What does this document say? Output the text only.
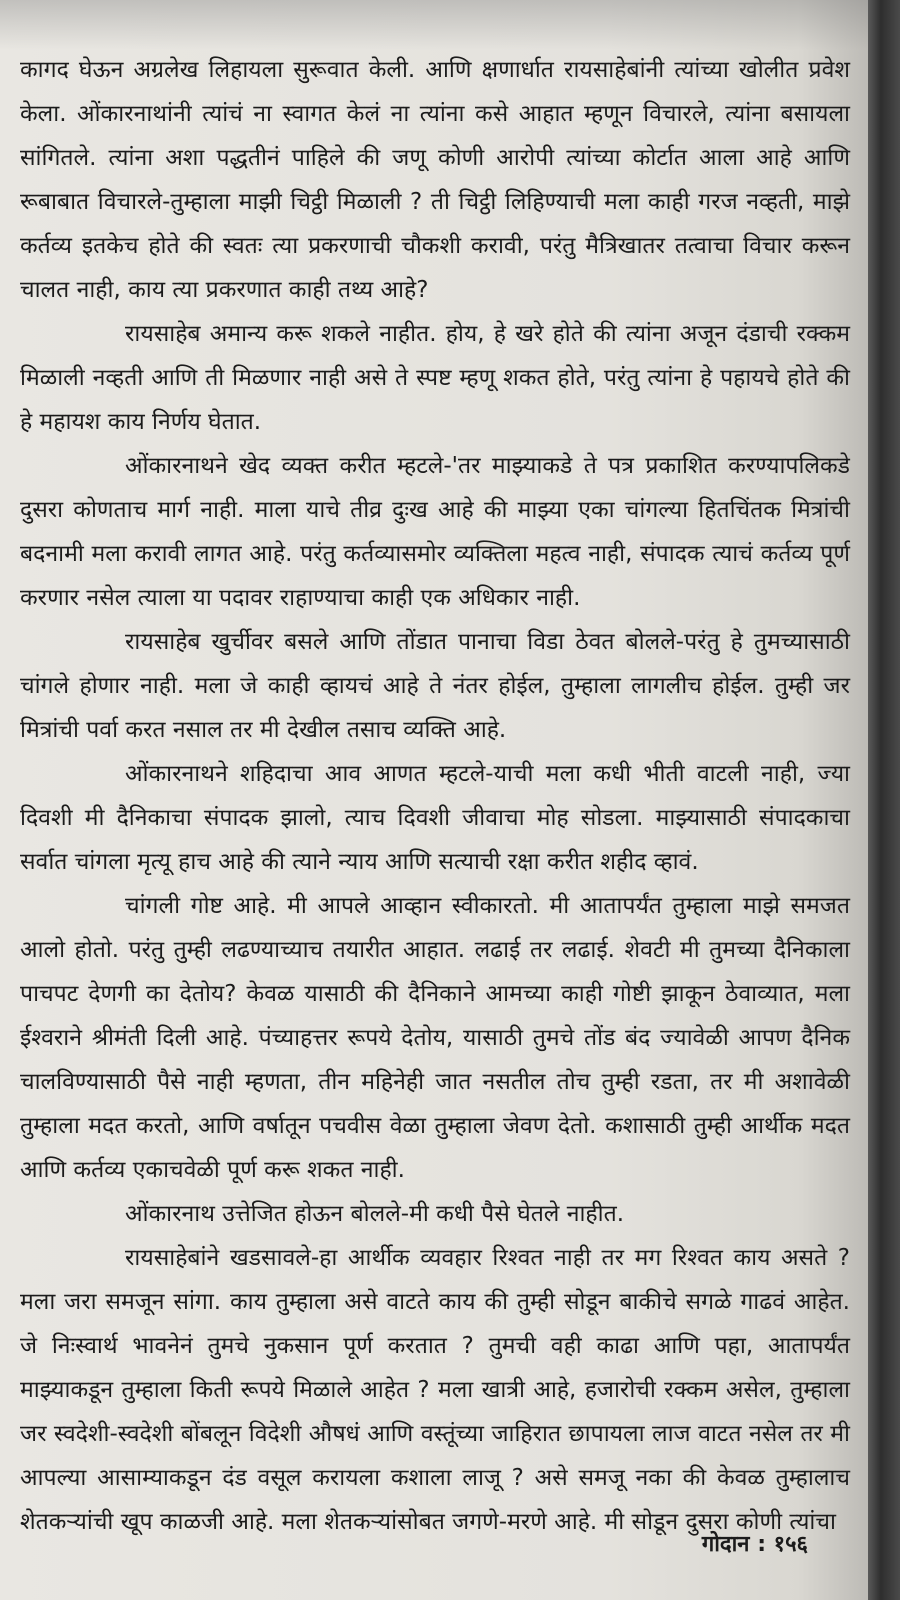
कागद घेऊन अग्रलेख लिहायला सुरूवात केली. आणि क्षणार्धात रायसाहेबांनी त्यांच्या खोलीत प्रवेश केला. ओंकारनाथांनी त्यांचं ना स्वागत केलं ना त्यांना कसे आहात म्हणून विचारले, त्यांना बसायला सांगितले. त्यांना अशा पद्धतीनं पाहिले की जणू कोणी आरोपी त्यांच्या कोर्टात आला आहे आणि रूबाबात विचारले-तुम्हाला माझी चिट्ठी मिळाली ? ती चिट्ठी लिहिण्याची मला काही गरज नव्हती, माझे कर्तव्य इतकेच होते की स्वतः त्या प्रकरणाची चौकशी करावी, परंतु मैत्रिखातर तत्वाचा विचार करून चालत नाही, काय त्या प्रकरणात काही तथ्य आहे?

रायसाहेब अमान्य करू शकले नाहीत. होय, हे खरे होते की त्यांना अजून दंडाची रक्कम मिळाली नव्हती आणि ती मिळणार नाही असे ते स्पष्ट म्हणू शकत होते, परंतु त्यांना हे पहायचे होते की हे महायश काय निर्णय घेतात.

ओंकारनाथने खेद व्यक्त करीत म्हटले-'तर माझ्याकडे ते पत्र प्रकाशित करण्यापलिकडे दुसरा कोणताच मार्ग नाही. माला याचे तीव्र दुःख आहे की माझ्या एका चांगल्या हितचिंतक मित्रांची बदनामी मला करावी लागत आहे. परंतु कर्तव्यासमोर व्यक्तिला महत्व नाही, संपादक त्याचं कर्तव्य पूर्ण करणार नसेल त्याला या पदावर राहाण्याचा काही एक अधिकार नाही.

रायसाहेब खुर्चीवर बसले आणि तोंडात पानाचा विडा ठेवत बोलले-परंतु हे तुमच्यासाठी चांगले होणार नाही. मला जे काही व्हायचं आहे ते नंतर होईल, तुम्हाला लागलीच होईल. तुम्ही जर मित्रांची पर्वा करत नसाल तर मी देखील तसाच व्यक्ति आहे.

ओंकारनाथने शहिदाचा आव आणत म्हटले-याची मला कधी भीती वाटली नाही, ज्या दिवशी मी दैनिकाचा संपादक झालो, त्याच दिवशी जीवाचा मोह सोडला. माझ्यासाठी संपादकाचा सर्वात चांगला मृत्यू हाच आहे की त्याने न्याय आणि सत्याची रक्षा करीत शहीद व्हावं.

चांगली गोष्ट आहे. मी आपले आव्हान स्वीकारतो. मी आतापर्यंत तुम्हाला माझे समजत आलो होतो. परंतु तुम्ही लढण्याच्याच तयारीत आहात. लढाई तर लढाई. शेवटी मी तुमच्या दैनिकाला पाचपट देणगी का देतोय? केवळ यासाठी की दैनिकाने आमच्या काही गोष्टी झाकून ठेवाव्यात, मला ईश्वराने श्रीमंती दिली आहे. पंच्याहत्तर रूपये देतोय, यासाठी तुमचे तोंड बंद ज्यावेळी आपण दैनिक चालविण्यासाठी पैसे नाही म्हणता, तीन महिनेही जात नसतील तोच तुम्ही रडता, तर मी अशावेळी तुम्हाला मदत करतो, आणि वर्षातून पचवीस वेळा तुम्हाला जेवण देतो. कशासाठी तुम्ही आर्थीक मदत आणि कर्तव्य एकाचवेळी पूर्ण करू शकत नाही.

ओंकारनाथ उत्तेजित होऊन बोलले-मी कधी पैसे घेतले नाहीत.

रायसाहेबांने खडसावले-हा आर्थीक व्यवहार रिश्वत नाही तर मग रिश्वत काय असते ? मला जरा समजून सांगा. काय तुम्हाला असे वाटते काय की तुम्ही सोडून बाकीचे सगळे गाढवं आहेत. जे निःस्वार्थ भावनेनं तुमचे नुकसान पूर्ण करतात ? तुमची वही काढा आणि पहा, आतापर्यंत माझ्याकडून तुम्हाला किती रूपये मिळाले आहेत ? मला खात्री आहे, हजारोची रक्कम असेल, तुम्हाला जर स्वदेशी-स्वदेशी बोंबलून विदेशी औषधं आणि वस्तूंच्या जाहिरात छापायला लाज वाटत नसेल तर मी आपल्या आसाम्याकडून दंड वसूल करायला कशाला लाजू ? असे समजू नका की केवळ तुम्हालाच शेतकऱ्यांची खूप काळजी आहे. मला शेतकऱ्यांसोबत जगणे-मरणे आहे. मी सोडून दुसरा कोणी त्यांचा

गोदान : १५६
